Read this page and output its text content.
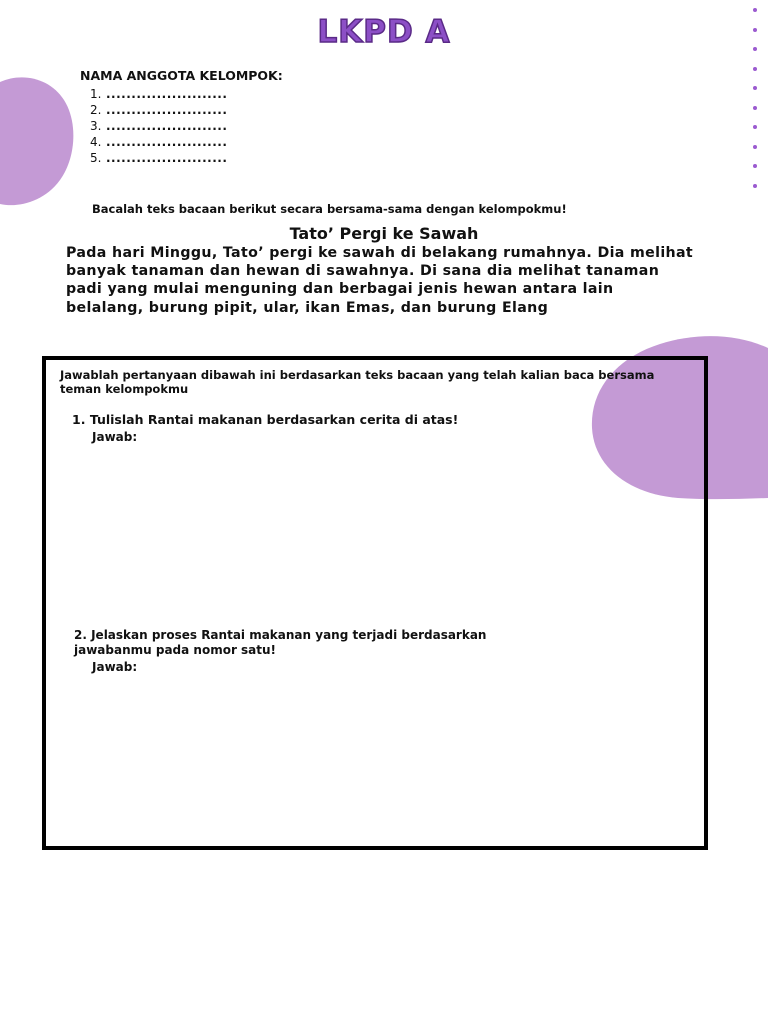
LKPD A
NAMA ANGGOTA KELOMPOK:
1. ........................
2. ........................
3. ........................
4. ........................
5. ........................
Bacalah teks bacaan berikut secara bersama-sama dengan kelompokmu!
Tato’ Pergi ke Sawah
Pada hari Minggu, Tato’ pergi ke sawah di belakang rumahnya. Dia melihat banyak tanaman dan hewan di sawahnya. Di sana dia melihat tanaman padi yang mulai menguning dan berbagai jenis hewan antara lain belalang, burung pipit, ular, ikan Emas, dan burung Elang
Jawablah pertanyaan dibawah ini berdasarkan teks bacaan yang telah kalian baca bersama teman kelompokmu
1. Tulislah Rantai makanan berdasarkan cerita di atas!
Jawab:
2. Jelaskan proses Rantai makanan yang terjadi berdasarkan jawabanmu pada nomor satu!
Jawab:
